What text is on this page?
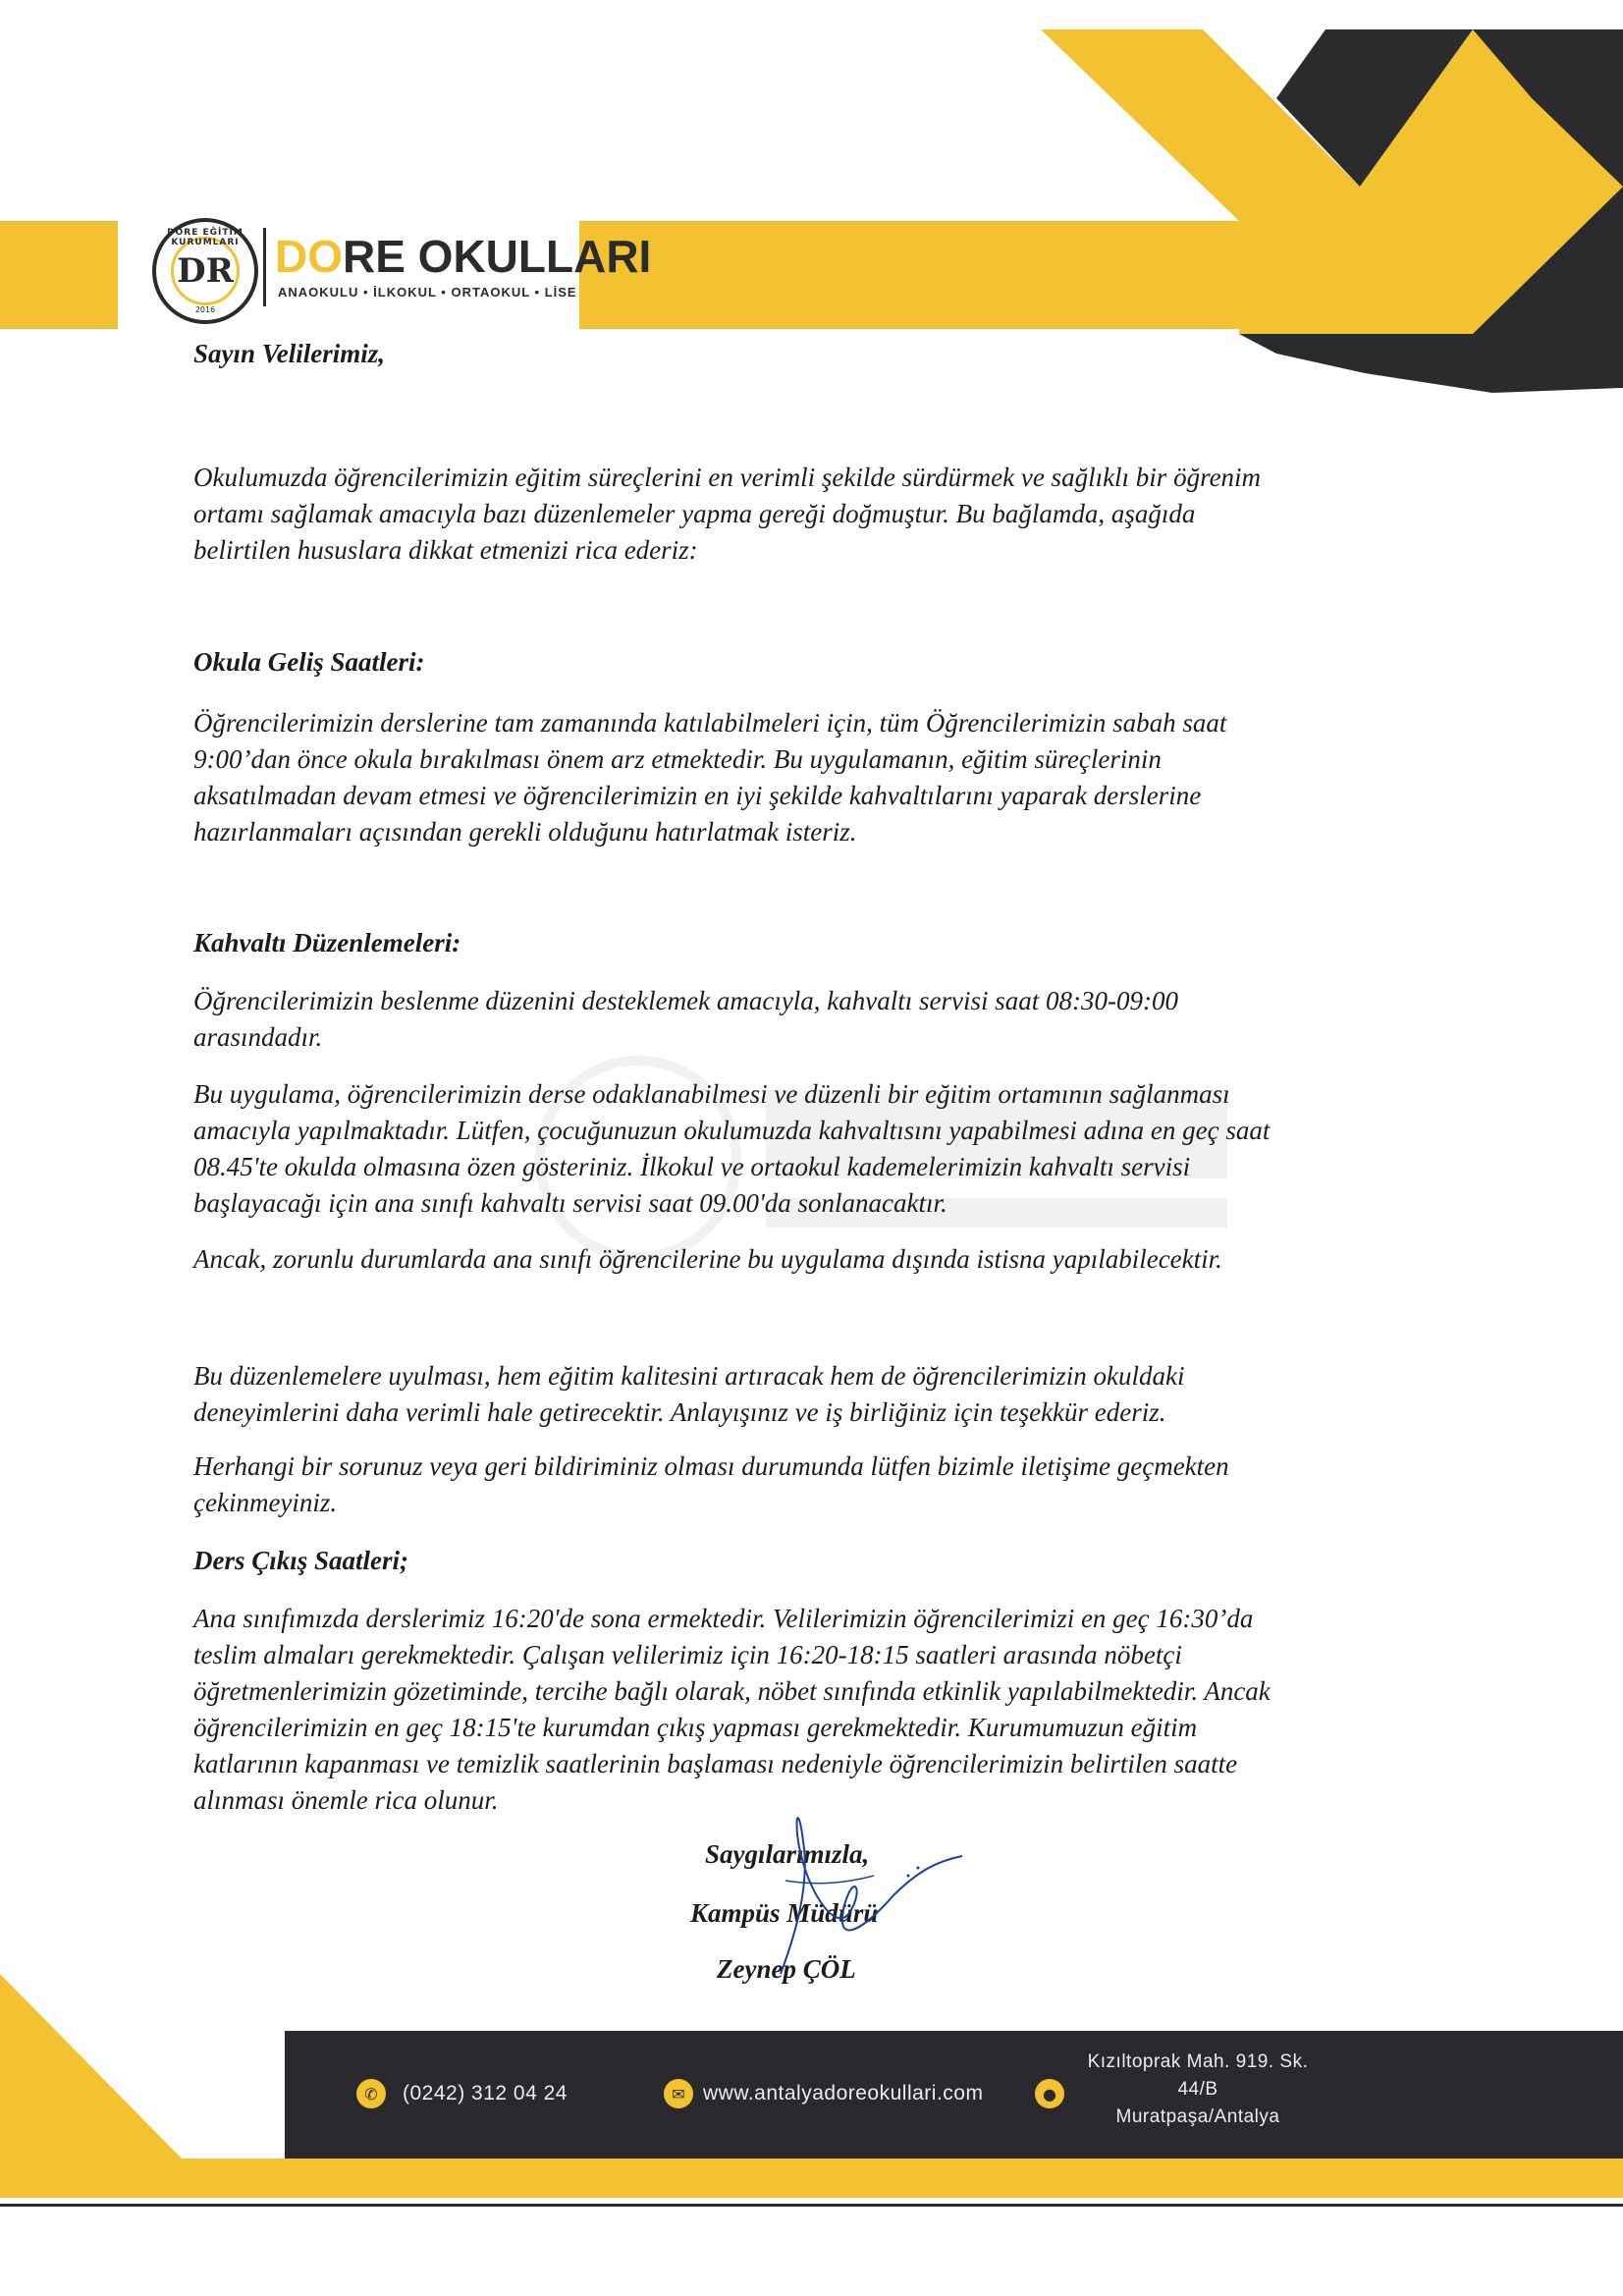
DORE EĞİTİM KURUMLARI
DR
2016
DORE OKULLARI
ANAOKULU • İLKOKUL • ORTAOKUL • LİSE
Sayın Velilerimiz,
Okulumuzda öğrencilerimizin eğitim süreçlerini en verimli şekilde sürdürmek ve sağlıklı bir öğrenim
ortamı sağlamak amacıyla bazı düzenlemeler yapma gereği doğmuştur. Bu bağlamda, aşağıda
belirtilen hususlara dikkat etmenizi rica ederiz:
Okula Geliş Saatleri:
Öğrencilerimizin derslerine tam zamanında katılabilmeleri için, tüm Öğrencilerimizin sabah saat
9:00’dan önce okula bırakılması önem arz etmektedir. Bu uygulamanın, eğitim süreçlerinin
aksatılmadan devam etmesi ve öğrencilerimizin en iyi şekilde kahvaltılarını yaparak derslerine
hazırlanmaları açısından gerekli olduğunu hatırlatmak isteriz.
Kahvaltı Düzenlemeleri:
Öğrencilerimizin beslenme düzenini desteklemek amacıyla, kahvaltı servisi saat 08:30-09:00
arasındadır.
Bu uygulama, öğrencilerimizin derse odaklanabilmesi ve düzenli bir eğitim ortamının sağlanması
amacıyla yapılmaktadır. Lütfen, çocuğunuzun okulumuzda kahvaltısını yapabilmesi adına en geç saat
08.45'te okulda olmasına özen gösteriniz. İlkokul ve ortaokul kademelerimizin kahvaltı servisi
başlayacağı için ana sınıfı kahvaltı servisi saat 09.00'da sonlanacaktır.
Ancak, zorunlu durumlarda ana sınıfı öğrencilerine bu uygulama dışında istisna yapılabilecektir.
Bu düzenlemelere uyulması, hem eğitim kalitesini artıracak hem de öğrencilerimizin okuldaki
deneyimlerini daha verimli hale getirecektir. Anlayışınız ve iş birliğiniz için teşekkür ederiz.
Herhangi bir sorunuz veya geri bildiriminiz olması durumunda lütfen bizimle iletişime geçmekten
çekinmeyiniz.
Ders Çıkış Saatleri;
Ana sınıfımızda derslerimiz 16:20'de sona ermektedir. Velilerimizin öğrencilerimizi en geç 16:30’da
teslim almaları gerekmektedir. Çalışan velilerimiz için 16:20-18:15 saatleri arasında nöbetçi
öğretmenlerimizin gözetiminde, tercihe bağlı olarak, nöbet sınıfında etkinlik yapılabilmektedir. Ancak
öğrencilerimizin en geç 18:15'te kurumdan çıkış yapması gerekmektedir. Kurumumuzun eğitim
katlarının kapanması ve temizlik saatlerinin başlaması nedeniyle öğrencilerimizin belirtilen saatte
alınması önemle rica olunur.
Saygılarımızla,
Kampüs Müdürü
Zeynep ÇÖL
✆	(0242) 312 04 24	✉ www.antalyadoreokullari.com	●
Kızıltoprak Mah. 919. Sk.
44/B
Muratpaşa/Antalya
